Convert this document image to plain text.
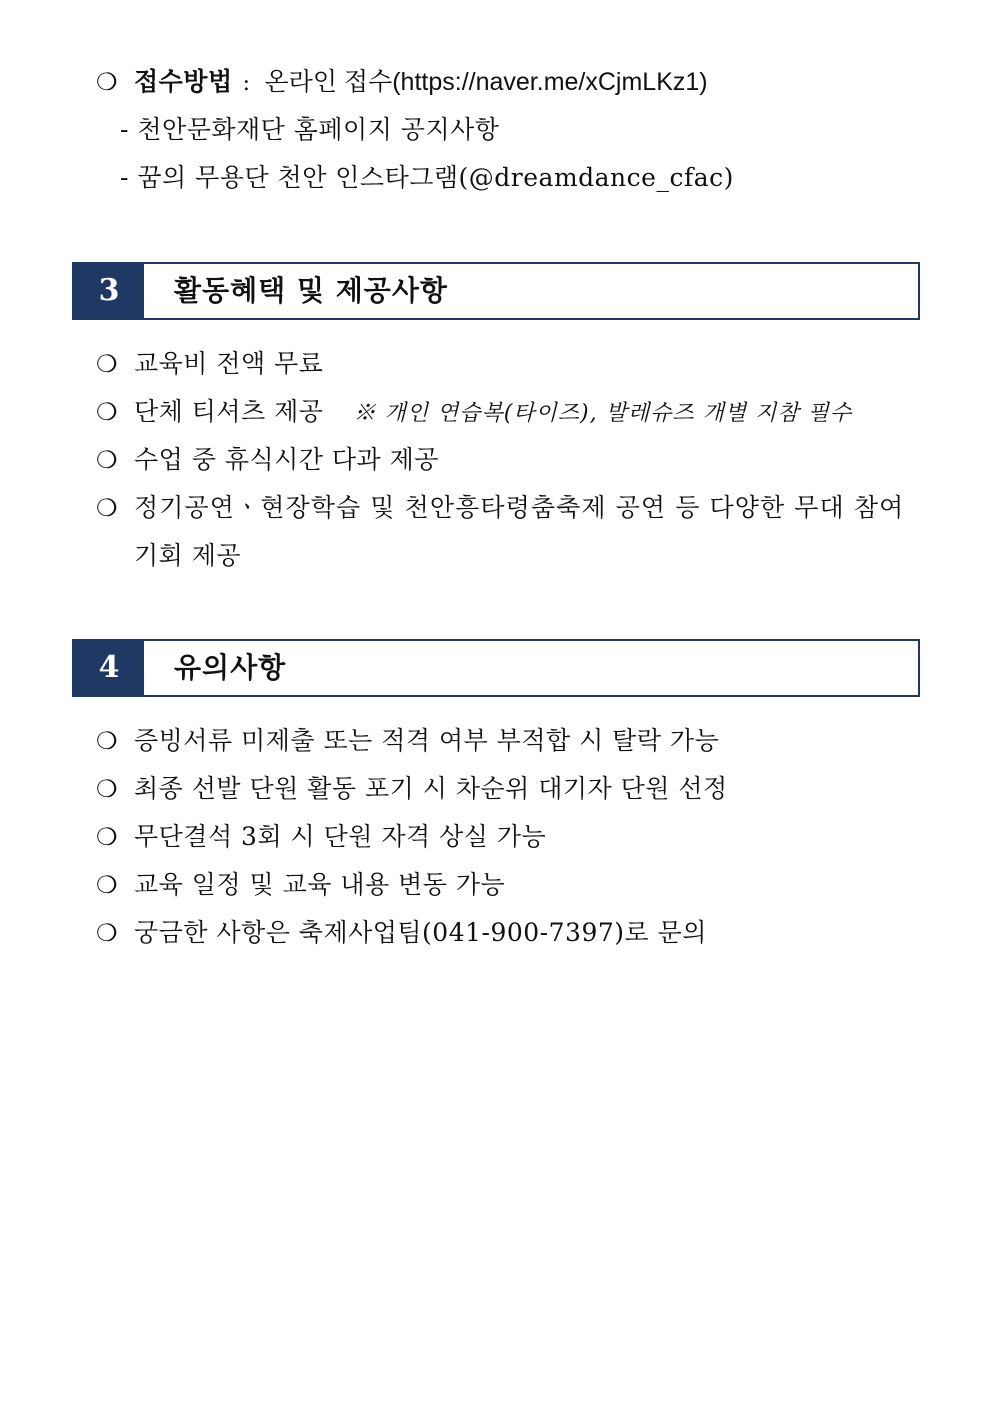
❍ 접수방법 : 온라인 접수(https://naver.me/xCjmLKz1)
- 천안문화재단 홈페이지 공지사항
- 꿈의 무용단 천안 인스타그램(@dreamdance_cfac)
3	활동혜택 및 제공사항
❍ 교육비 전액 무료
❍ 단체 티셔츠 제공 ※ 개인 연습복(타이즈), 발레슈즈 개별 지참 필수
❍ 수업 중 휴식시간 다과 제공
❍ 정기공연ㆍ현장학습 및 천안흥타령춤축제 공연 등 다양한 무대 참여
기회 제공
4	유의사항
❍ 증빙서류 미제출 또는 적격 여부 부적합 시 탈락 가능
❍ 최종 선발 단원 활동 포기 시 차순위 대기자 단원 선정
❍ 무단결석 3회 시 단원 자격 상실 가능
❍ 교육 일정 및 교육 내용 변동 가능
❍ 궁금한 사항은 축제사업팀(041-900-7397)로 문의
